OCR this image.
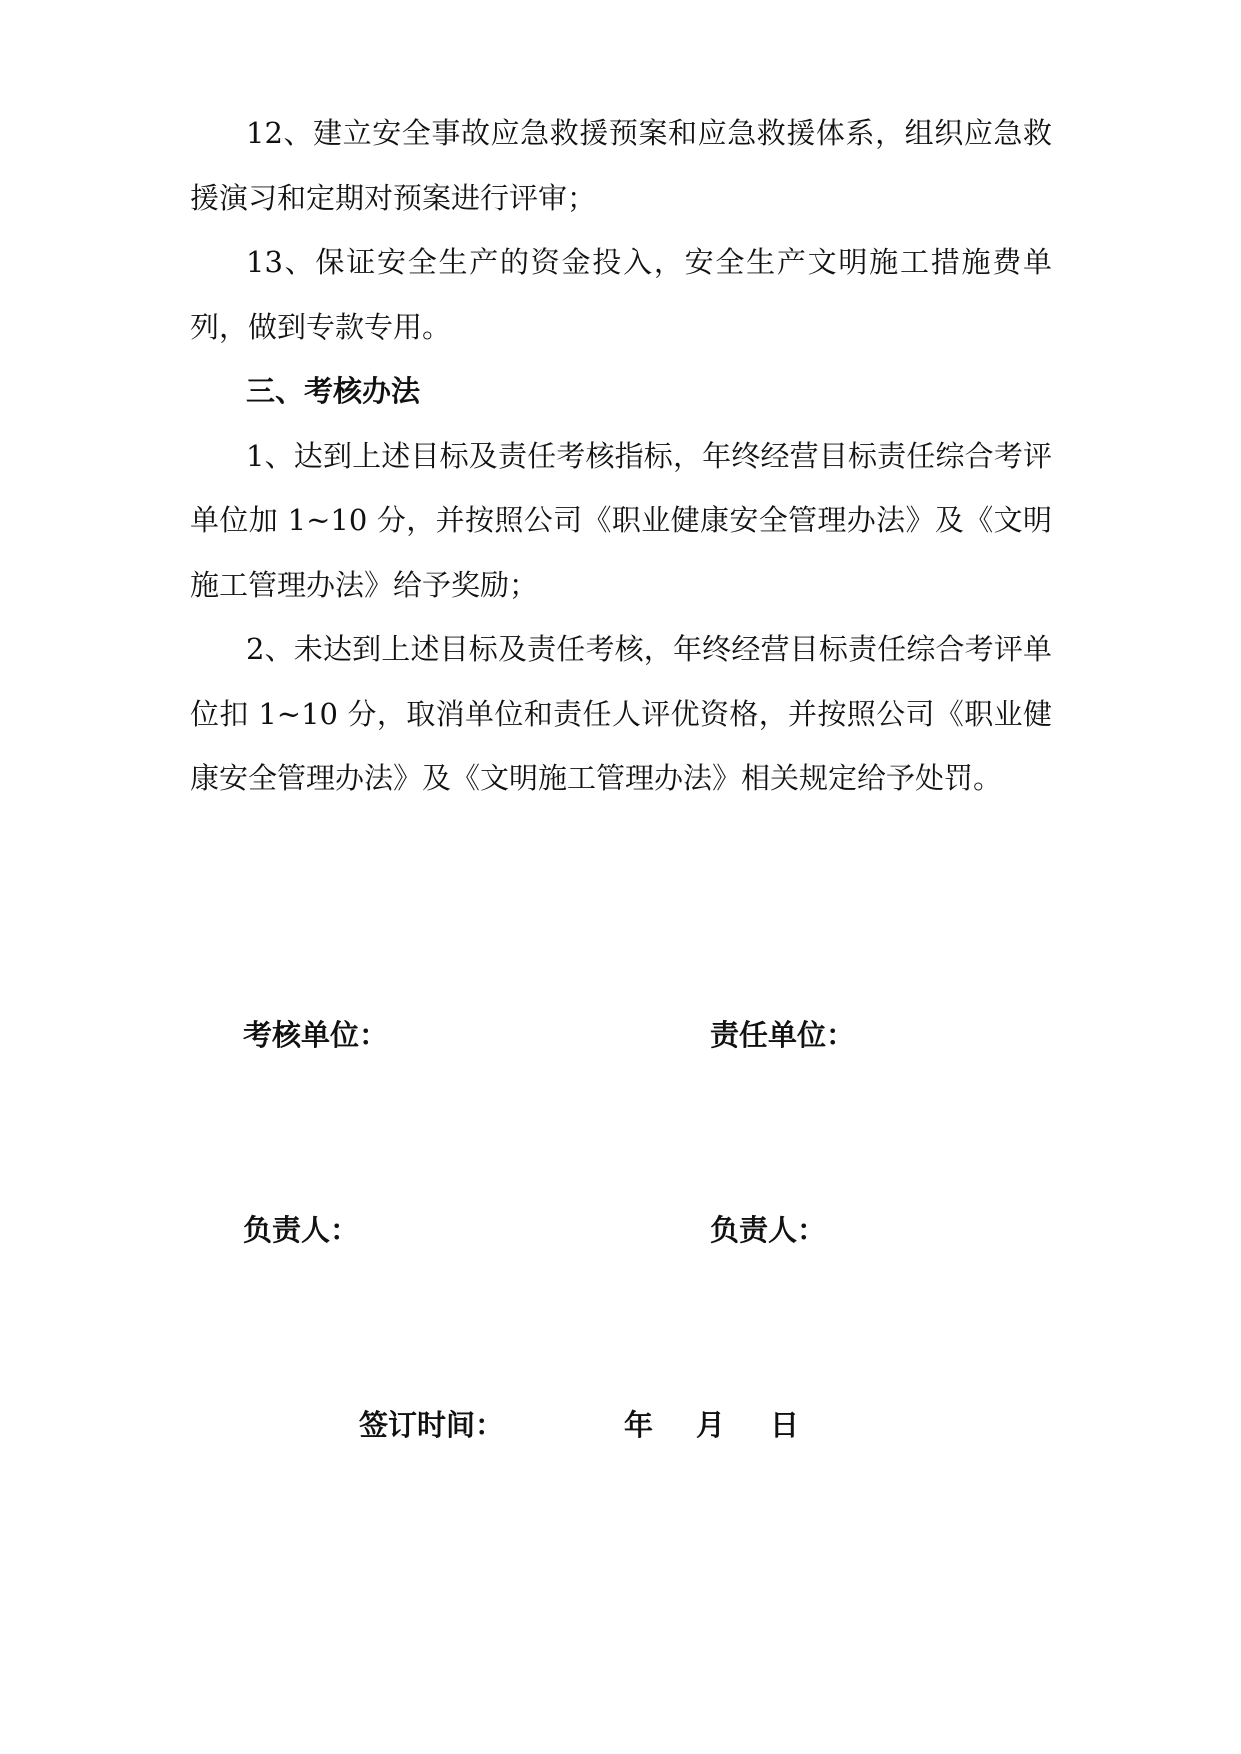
12、建立安全事故应急救援预案和应急救援体系，组织应急救援演习和定期对预案进行评审；

13、保证安全生产的资金投入，安全生产文明施工措施费单列，做到专款专用。

三、考核办法

1、达到上述目标及责任考核指标，年终经营目标责任综合考评单位加 1~10 分，并按照公司《职业健康安全管理办法》及《文明施工管理办法》给予奖励；

2、未达到上述目标及责任考核，年终经营目标责任综合考评单位扣 1~10 分，取消单位和责任人评优资格，并按照公司《职业健康安全管理办法》及《文明施工管理办法》相关规定给予处罚。

考核单位：	责任单位：
负责人：	负责人：
签订时间：	年 月 日
